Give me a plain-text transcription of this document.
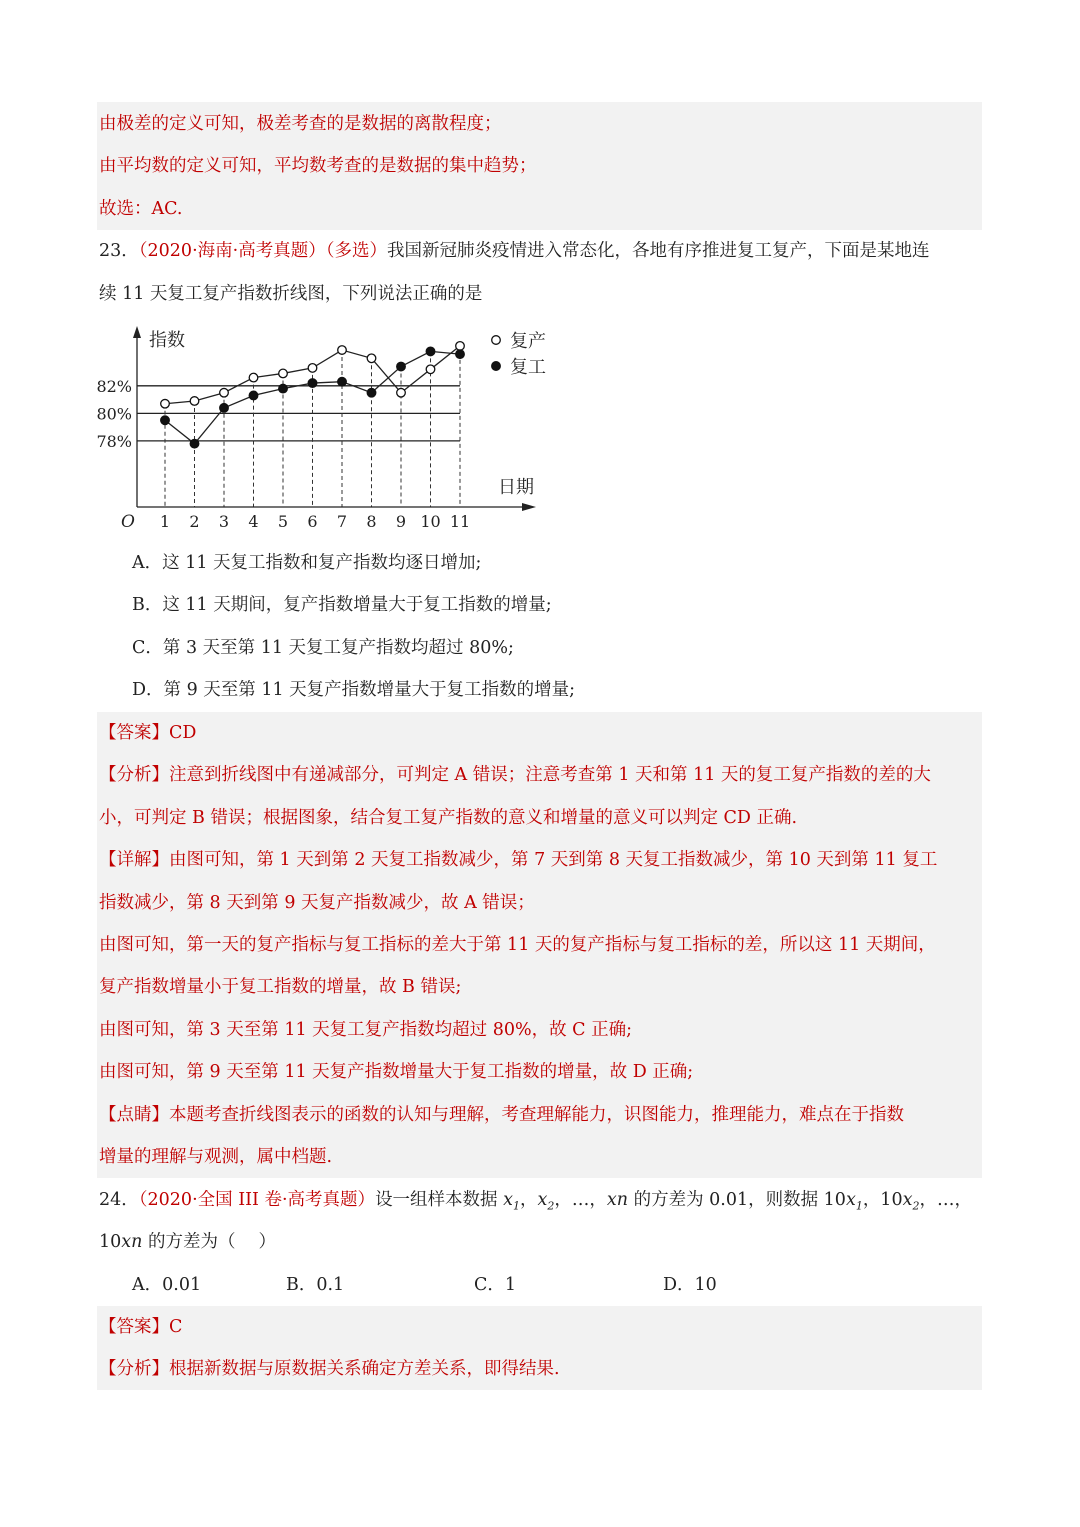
由极差的定义可知，极差考查的是数据的离散程度；
由平均数的定义可知，平均数考查的是数据的集中趋势；
故选：AC.
23．（2020·海南·高考真题）（多选）我国新冠肺炎疫情进入常态化，各地有序推进复工复产，下面是某地连
续 11 天复工复产指数折线图，下列说法正确的是
82%
80%
78%
1 2 3 4 5 6 7 8 9 10 11
O
指数
日期
复产
复工
A．这 11 天复工指数和复产指数均逐日增加;
B．这 11 天期间，复产指数增量大于复工指数的增量;
C．第 3 天至第 11 天复工复产指数均超过 80%;
D．第 9 天至第 11 天复产指数增量大于复工指数的增量;
【答案】CD
【分析】注意到折线图中有递减部分，可判定 A 错误；注意考查第 1 天和第 11 天的复工复产指数的差的大
小，可判定 B 错误；根据图象，结合复工复产指数的意义和增量的意义可以判定 CD 正确.
【详解】由图可知，第 1 天到第 2 天复工指数减少，第 7 天到第 8 天复工指数减少，第 10 天到第 11 复工
指数减少，第 8 天到第 9 天复产指数减少，故 A 错误；
由图可知，第一天的复产指标与复工指标的差大于第 11 天的复产指标与复工指标的差，所以这 11 天期间，
复产指数增量小于复工指数的增量，故 B 错误;
由图可知，第 3 天至第 11 天复工复产指数均超过 80%，故 C 正确;
由图可知，第 9 天至第 11 天复产指数增量大于复工指数的增量，故 D 正确;
【点睛】本题考查折线图表示的函数的认知与理解，考查理解能力，识图能力，推理能力，难点在于指数
增量的理解与观测，属中档题.
24．（2020·全国 III 卷·高考真题）设一组样本数据 $x_1$，$x_2$，…，xn 的方差为 0.01，则数据 $10x_1$，$10x_2$，…，
10xn 的方差为（　 ）
A．0.01	B．0.1	C．1	D．10
【答案】C
【分析】根据新数据与原数据关系确定方差关系，即得结果.
